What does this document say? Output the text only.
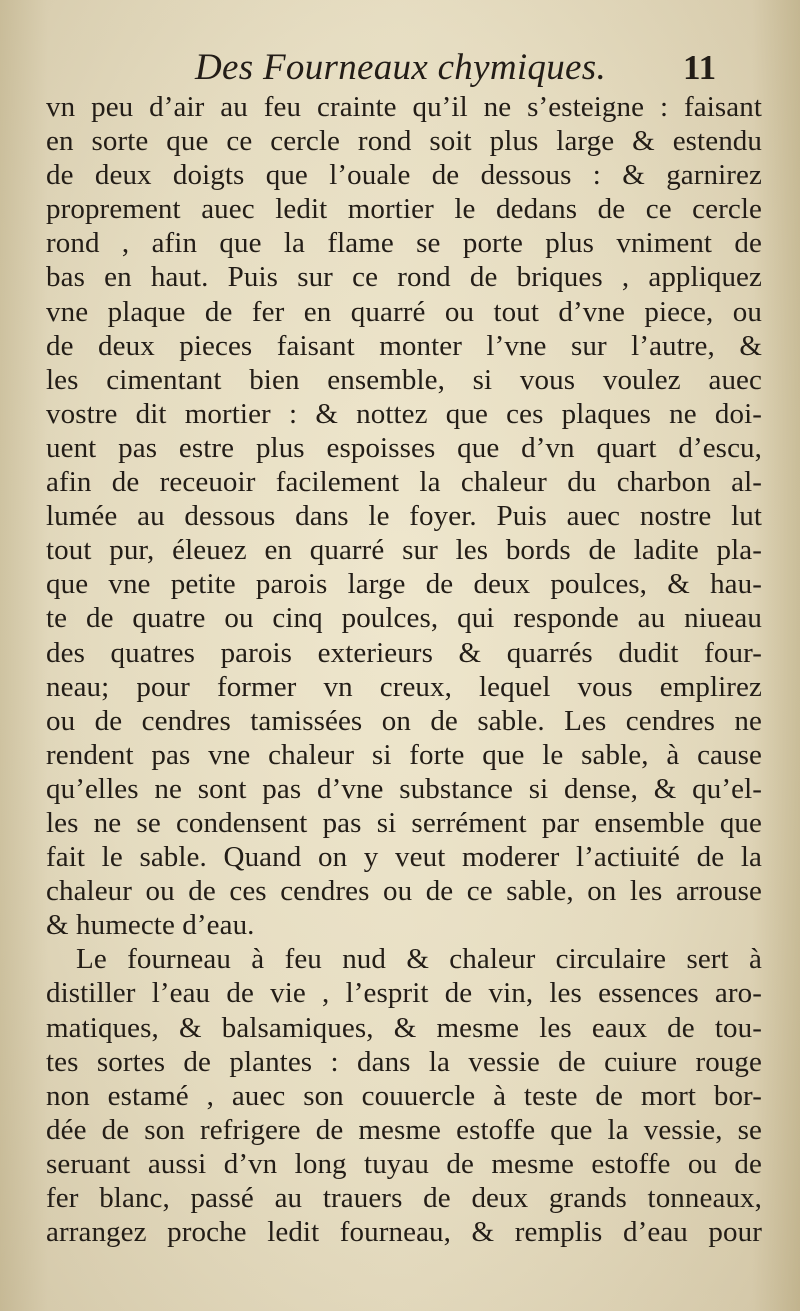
Des Fourneaux chymiques. 11
vn peu d’air au feu crainte qu’il ne s’esteigne : faisant
en sorte que ce cercle rond soit plus large & estendu
de deux doigts que l’ouale de dessous : & garnirez
proprement auec ledit mortier le dedans de ce cercle
rond , afin que la flame se porte plus vniment de
bas en haut. Puis sur ce rond de briques , appliquez
vne plaque de fer en quarré ou tout d’vne piece, ou
de deux pieces faisant monter l’vne sur l’autre, &
les cimentant bien ensemble, si vous voulez auec
vostre dit mortier : & nottez que ces plaques ne doi-
uent pas estre plus espoisses que d’vn quart d’escu,
afin de receuoir facilement la chaleur du charbon al-
lumée au dessous dans le foyer. Puis auec nostre lut
tout pur, éleuez en quarré sur les bords de ladite pla-
que vne petite parois large de deux poulces, & hau-
te de quatre ou cinq poulces, qui responde au niueau
des quatres parois exterieurs & quarrés dudit four-
neau; pour former vn creux, lequel vous emplirez
ou de cendres tamissées on de sable. Les cendres ne
rendent pas vne chaleur si forte que le sable, à cause
qu’elles ne sont pas d’vne substance si dense, & qu’el-
les ne se condensent pas si serrément par ensemble que
fait le sable. Quand on y veut moderer l’actiuité de la
chaleur ou de ces cendres ou de ce sable, on les arrouse
& humecte d’eau.
Le fourneau à feu nud & chaleur circulaire sert à
distiller l’eau de vie , l’esprit de vin, les essences aro-
matiques, & balsamiques, & mesme les eaux de tou-
tes sortes de plantes : dans la vessie de cuiure rouge
non estamé , auec son couuercle à teste de mort bor-
dée de son refrigere de mesme estoffe que la vessie, se
seruant aussi d’vn long tuyau de mesme estoffe ou de
fer blanc, passé au trauers de deux grands tonneaux,
arrangez proche ledit fourneau, & remplis d’eau pour
